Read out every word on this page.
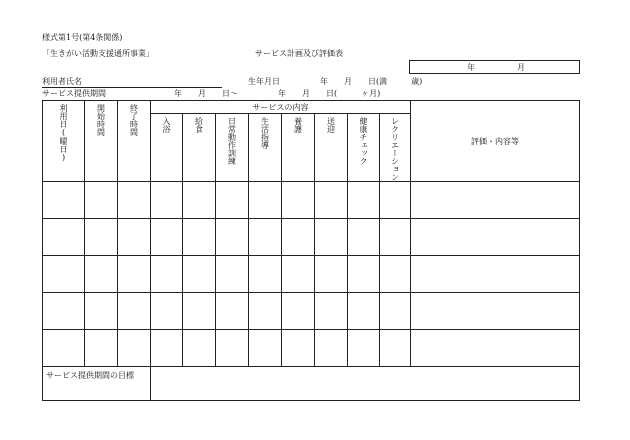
様式第1号(第4条関係)
「生きがい活動支援通所事業」	サービス計画及び評価表
年	月
利用者氏名	生年月日　　　　　年　　月　　日(満　　　歳)
サービス提供期間	年　　月　　日～　　　　　年　　月　　日(　　　ヶ月)
利用日(曜日)	開始時間	終了時間	サービスの内容								評価・内容等

			入浴	給食	日常動作訓練	生活指導	養護	送迎	健康チェック	レクリエーション	

サービス提供期間の目標											
